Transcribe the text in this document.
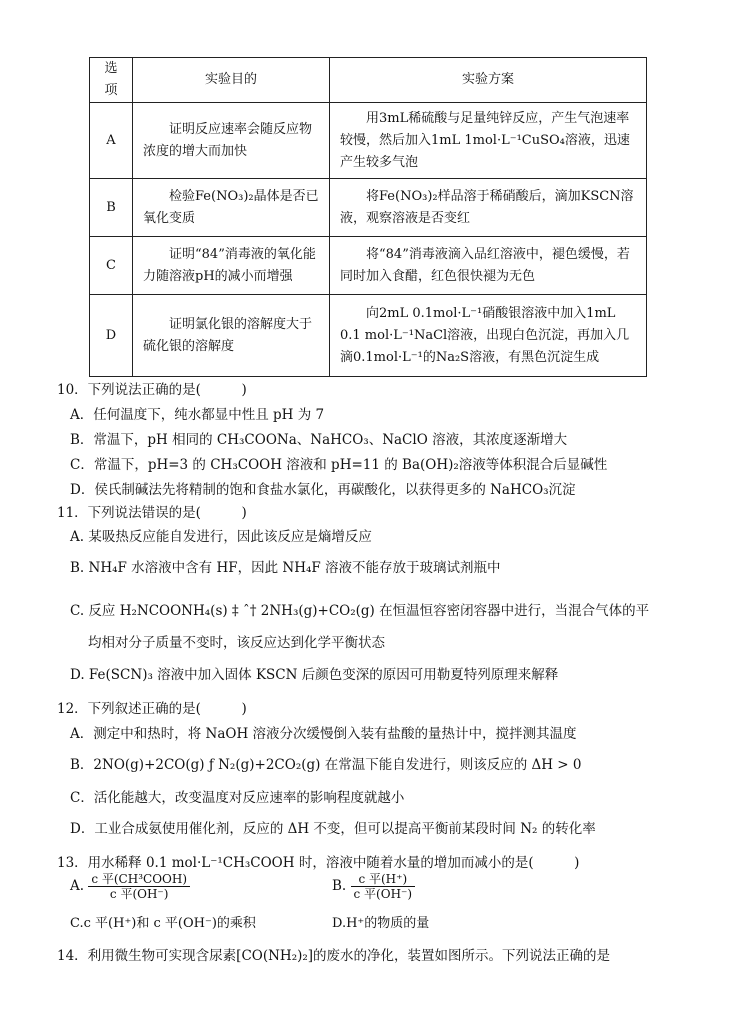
选项	实验目的	实验方案
A	证明反应速率会随反应物浓度的增大而加快	用3mL稀硫酸与足量纯锌反应，产生气泡速率较慢，然后加入1mL 1mol·L⁻¹CuSO₄溶液，迅速产生较多气泡
B	检验Fe(NO₃)₂晶体是否已氧化变质	将Fe(NO₃)₂样品溶于稀硝酸后，滴加KSCN溶液，观察溶液是否变红
C	证明“84”消毒液的氧化能力随溶液pH的减小而增强	将“84”消毒液滴入品红溶液中，褪色缓慢，若同时加入食醋，红色很快褪为无色
D	证明氯化银的溶解度大于硫化银的溶解度	向2mL 0.1mol·L⁻¹硝酸银溶液中加入1mL 0.1 mol·L⁻¹NaCl溶液，出现白色沉淀，再加入几滴0.1mol·L⁻¹的Na₂S溶液，有黑色沉淀生成
10．下列说法正确的是(　　　)
A．任何温度下，纯水都显中性且 pH 为 7
B．常温下，pH 相同的 CH₃COONa、NaHCO₃、NaClO 溶液，其浓度逐渐增大
C．常温下，pH=3 的 CH₃COOH 溶液和 pH=11 的 Ba(OH)₂溶液等体积混合后显碱性
D．侯氏制碱法先将精制的饱和食盐水氯化，再碳酸化，以获得更多的 NaHCO₃沉淀
11．下列说法错误的是(　　　)
A. 某吸热反应能自发进行，因此该反应是熵增反应
B. NH₄F 水溶液中含有 HF，因此 NH₄F 溶液不能存放于玻璃试剂瓶中
C. 反应 H₂NCOONH₄(s) ‡ ˆ† 2NH₃(g)+CO₂(g) 在恒温恒容密闭容器中进行，当混合气体的平
均相对分子质量不变时，该反应达到化学平衡状态
D. Fe(SCN)₃ 溶液中加入固体 KSCN 后颜色变深的原因可用勒夏特列原理来解释
12．下列叙述正确的是(　　　)
A．测定中和热时，将 NaOH 溶液分次缓慢倒入装有盐酸的量热计中，搅拌测其温度
B．2NO(g)+2CO(g) ƒ N₂(g)+2CO₂(g) 在常温下能自发进行，则该反应的 ΔH > 0
C．活化能越大，改变温度对反应速率的影响程度就越小
D．工业合成氨使用催化剂，反应的 ΔH 不变，但可以提高平衡前某段时间 N₂ 的转化率
13．用水稀释 0.1 mol·L⁻¹CH₃COOH 时，溶液中随着水量的增加而减小的是(　　　)
A. $\frac{\text{c 平(CH³COOH)}}{\text{c 平(OH⁻)}}$	B. $\frac{\text{c 平(H⁺)}}{\text{c 平(OH⁻)}}$
C.c 平(H⁺)和 c 平(OH⁻)的乘积	D.H⁺的物质的量
14．利用微生物可实现含尿素[CO(NH₂)₂]的废水的净化，装置如图所示。下列说法正确的是
